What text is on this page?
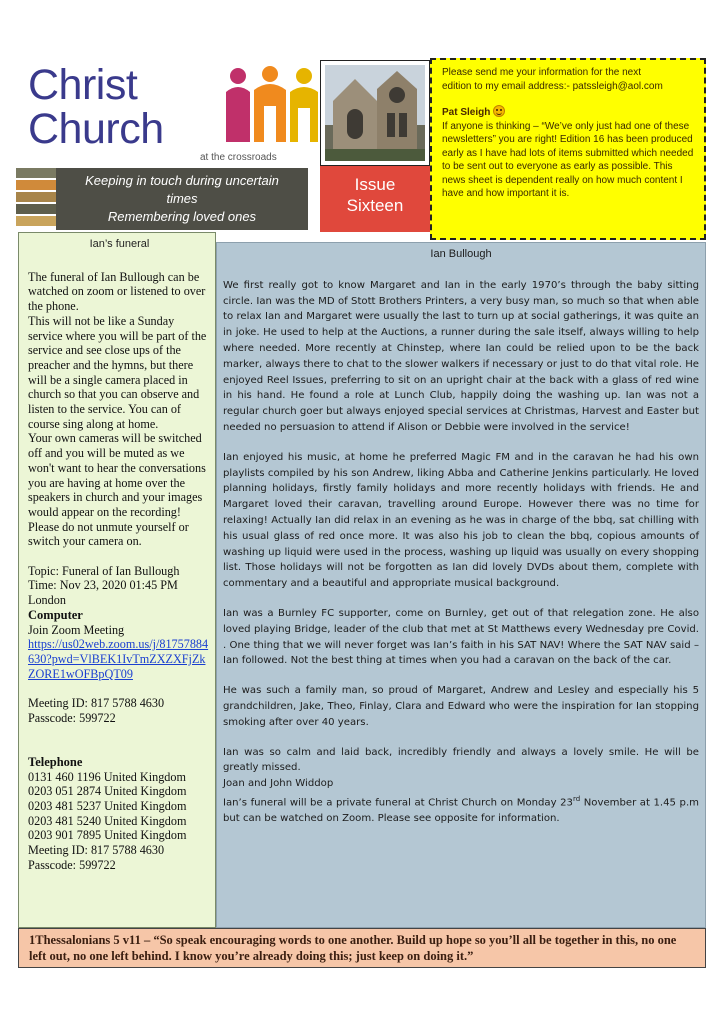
Christ
Church
at the crossroads
Keeping in touch during uncertain
times
Remembering loved ones
Issue
Sixteen
Please send me your information for the next
edition to my email address:- patssleigh@aol.com
Pat Sleigh
If anyone is thinking – “We’ve only just had one of these newsletters” you are right! Edition 16 has been produced early as I have had lots of items submitted which needed to be sent out to everyone as early as possible. This news sheet is dependent really on how much content I have and how important it is.
Ian’s funeral

The funeral of Ian Bullough can be watched on zoom or listened to over the phone.

This will not be like a Sunday service where you will be part of the service and see close ups of the preacher and the hymns, but there will be a single camera placed in church so that you can observe and listen to the service. You can of course sing along at home.

Your own cameras will be switched off and you will be muted as we won't want to hear the conversations you are having at home over the speakers in church and your images would appear on the recording! Please do not unmute yourself or switch your camera on.

Topic: Funeral of Ian Bullough

Time: Nov 23, 2020 01:45 PM London

Computer

Join Zoom Meeting

https://us02web.zoom.us/j/81757884630?pwd=VlBEK1IvTmZXZXFjZkZORE1wOFBpQT09

Meeting ID: 817 5788 4630

Passcode: 599722

Telephone

0131 460 1196 United Kingdom

0203 051 2874 United Kingdom

0203 481 5237 United Kingdom

0203 481 5240 United Kingdom

0203 901 7895 United Kingdom

Meeting ID: 817 5788 4630

Passcode: 599722

Ian Bullough

We first really got to know Margaret and Ian in the early 1970’s through the baby sitting circle. Ian was the MD of Stott Brothers Printers, a very busy man, so much so that when able to relax Ian and Margaret were usually the last to turn up at social gatherings, it was quite an in joke. He used to help at the Auctions, a runner during the sale itself, always willing to help where needed. More recently at Chinstep, where Ian could be relied upon to be the back marker, always there to chat to the slower walkers if necessary or just to do that vital role. He enjoyed Reel Issues, preferring to sit on an upright chair at the back with a glass of red wine in his hand. He found a role at Lunch Club, happily doing the washing up. Ian was not a regular church goer but always enjoyed special services at Christmas, Harvest and Easter but needed no persuasion to attend if Alison or Debbie were involved in the service!

Ian enjoyed his music, at home he preferred Magic FM and in the caravan he had his own playlists compiled by his son Andrew, liking Abba and Catherine Jenkins particularly. He loved planning holidays, firstly family holidays and more recently holidays with friends. He and Margaret loved their caravan, travelling around Europe. However there was no time for relaxing! Actually Ian did relax in an evening as he was in charge of the bbq, sat chilling with his usual glass of red once more. It was also his job to clean the bbq, copious amounts of washing up liquid were used in the process, washing up liquid was usually on every shopping list. Those holidays will not be forgotten as Ian did lovely DVDs about them, complete with commentary and a beautiful and appropriate musical background.

Ian was a Burnley FC supporter, come on Burnley, get out of that relegation zone. He also loved playing Bridge, leader of the club that met at St Matthews every Wednesday pre Covid. . One thing that we will never forget was Ian’s faith in his SAT NAV! Where the SAT NAV said – Ian followed. Not the best thing at times when you had a caravan on the back of the car.

He was such a family man, so proud of Margaret, Andrew and Lesley and especially his 5 grandchildren, Jake, Theo, Finlay, Clara and Edward who were the inspiration for Ian stopping smoking after over 40 years.

Ian was so calm and laid back, incredibly friendly and always a lovely smile. He will be greatly missed.

Joan and John Widdop

Ian’s funeral will be a private funeral at Christ Church on Monday 23rd November at 1.45 p.m but can be watched on Zoom. Please see opposite for information.

1Thessalonians 5 v11 – “So speak encouraging words to one another. Build up hope so you’ll all be together in this, no one left out, no one left behind. I know you’re already doing this; just keep on doing it.”
